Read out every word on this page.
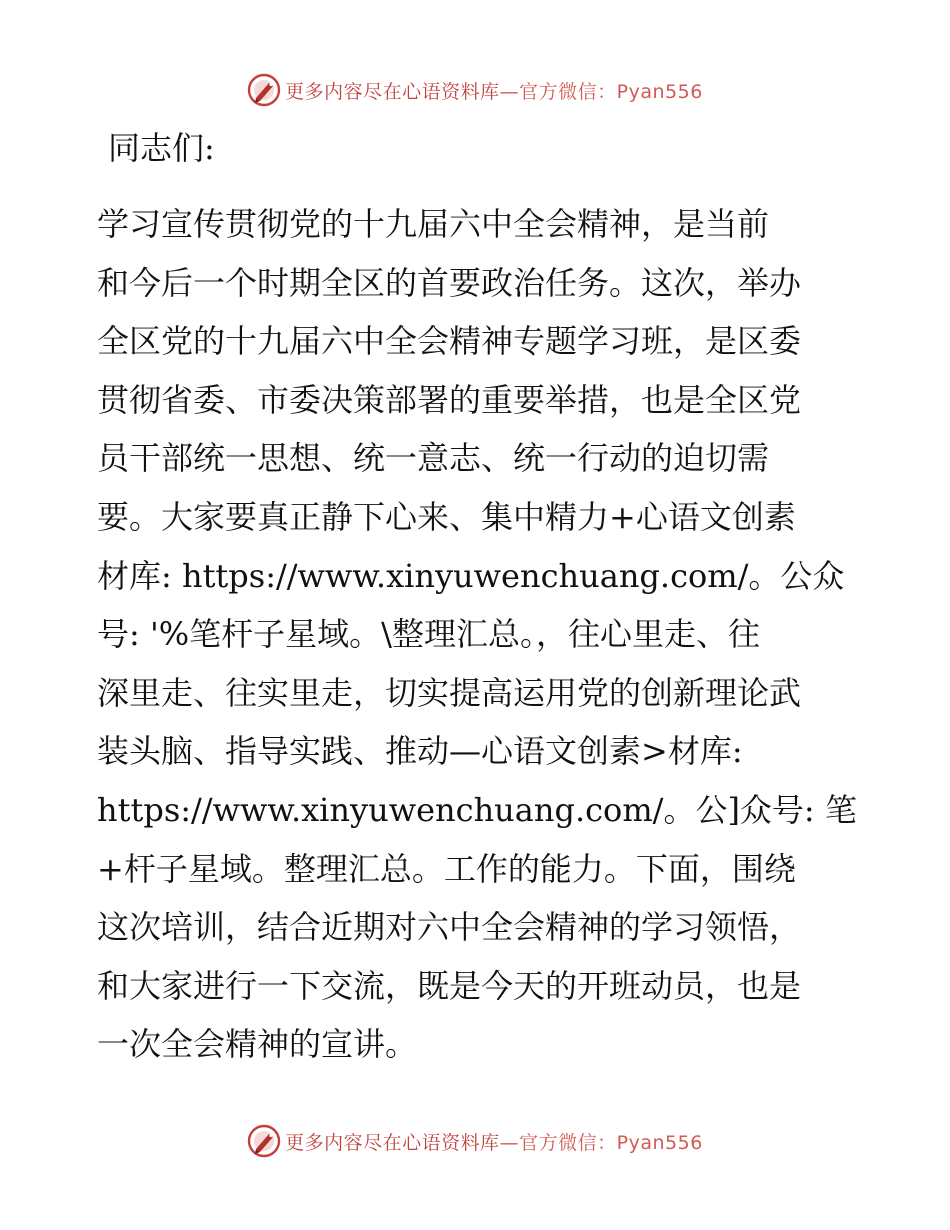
更多内容尽在心语资料库—官方微信：Pyan556
同志们:
学习宣传贯彻党的十九届六中全会精神，是当前
和今后一个时期全区的首要政治任务。这次，举办
全区党的十九届六中全会精神专题学习班，是区委
贯彻省委、市委决策部署的重要举措，也是全区党
员干部统一思想、统一意志、统一行动的迫切需
要。大家要真正静下心来、集中精力+心语文创素
材库: https://www.xinyuwenchuang.com/。公众
号: '%笔杆子星域。\整理汇总。，往心里走、往
深里走、往实里走，切实提高运用党的创新理论武
装头脑、指导实践、推动—心语文创素>材库:
https://www.xinyuwenchuang.com/。公]众号: 笔
+杆子星域。整理汇总。工作的能力。下面，围绕
这次培训，结合近期对六中全会精神的学习领悟，
和大家进行一下交流，既是今天的开班动员，也是
一次全会精神的宣讲。
更多内容尽在心语资料库—官方微信：Pyan556
